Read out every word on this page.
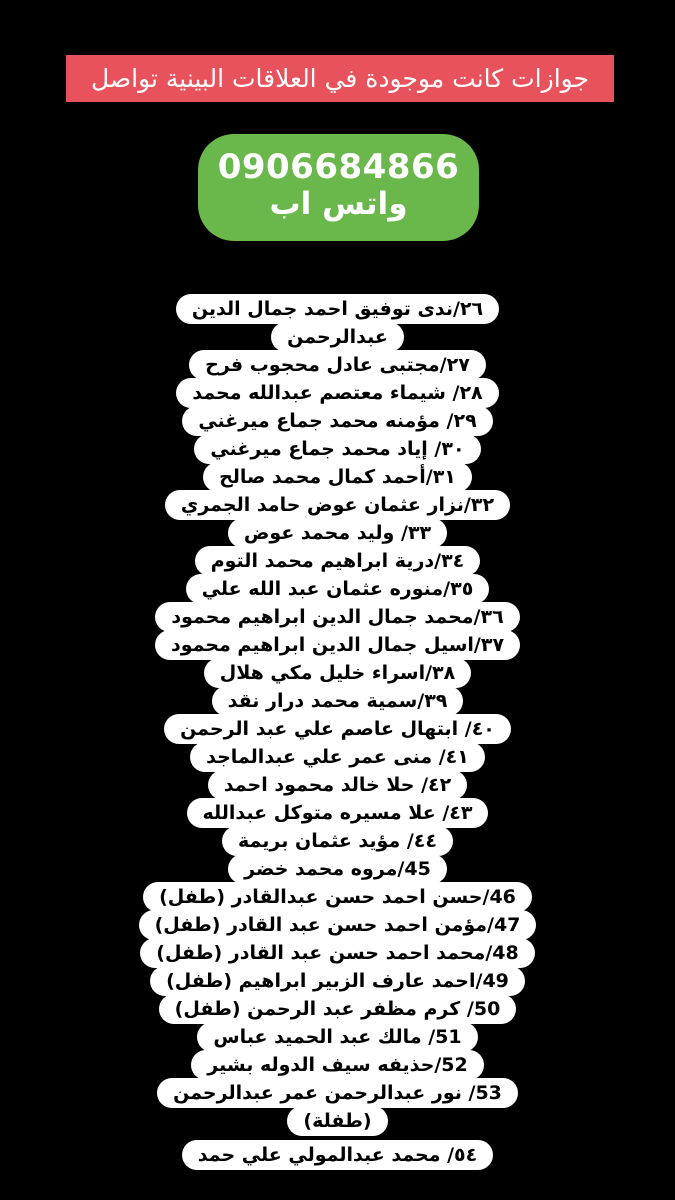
جوازات كانت موجودة في العلاقات البينية تواصل
0906684866
واتس اب
٢٦/ندى توفيق احمد جمال الدين
عبدالرحمن
٢٧/مجتبى عادل محجوب فرح
٢٨/ شيماء معتصم عبدالله محمد
٢٩/ مؤمنه محمد جماع ميرغني
٣٠/ إياد محمد جماع ميرغني
٣١/أحمد كمال محمد صالح
٣٢/نزار عثمان عوض حامد الجمري
٣٣/ وليد محمد عوض
٣٤/درية ابراهيم محمد التوم
٣٥/منوره عثمان عبد الله علي
٣٦/محمد جمال الدين ابراهيم محمود
٣٧/اسيل جمال الدين ابراهيم محمود
٣٨/اسراء خليل مكي هلال
٣٩/سمية محمد درار نقد
٤٠/ ابتهال عاصم علي عبد الرحمن
٤١/ منى عمر علي عبدالماجد
٤٢/ حلا خالد محمود احمد
٤٣/ علا مسيره متوكل عبدالله
٤٤/ مؤيد عثمان بريمة
45/مروه محمد خضر
46/حسن احمد حسن عبدالقادر (طفل)
47/مؤمن احمد حسن عبد القادر (طفل)
48/محمد احمد حسن عبد القادر (طفل)
49/احمد عارف الزبير ابراهيم (طفل)
50/ كرم مظفر عبد الرحمن (طفل)
51/ مالك عبد الحميد عباس
52/حذيفه سيف الدوله بشير
53/ نور عبدالرحمن عمر عبدالرحمن
(طفلة)
٥٤/ محمد عبدالمولي علي حمد
